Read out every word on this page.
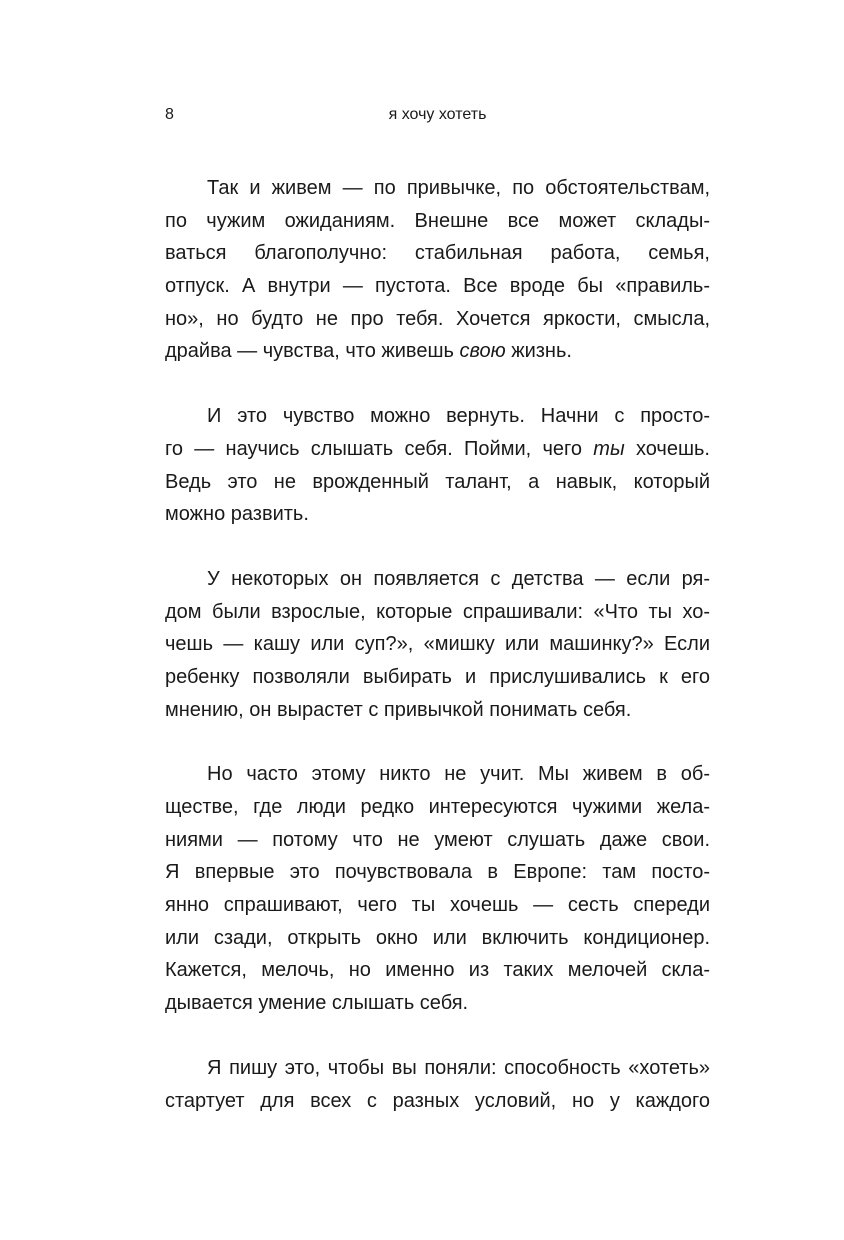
8	я хочу хотеть
Так и живем — по привычке, по обстоятельствам,
по чужим ожиданиям. Внешне все может склады-
ваться благополучно: стабильная работа, семья,
отпуск. А внутри — пустота. Все вроде бы «правиль-
но», но будто не про тебя. Хочется яркости, смысла,
драйва — чувства, что живешь свою жизнь.
И это чувство можно вернуть. Начни с просто-
го — научись слышать себя. Пойми, чего ты хочешь.
Ведь это не врожденный талант, а навык, который
можно развить.
У некоторых он появляется с детства — если ря-
дом были взрослые, которые спрашивали: «Что ты хо-
чешь — кашу или суп?», «мишку или машинку?» Если
ребенку позволяли выбирать и прислушивались к его
мнению, он вырастет с привычкой понимать себя.
Но часто этому никто не учит. Мы живем в об-
ществе, где люди редко интересуются чужими жела-
ниями — потому что не умеют слушать даже свои.
Я впервые это почувствовала в Европе: там посто-
янно спрашивают, чего ты хочешь — сесть спереди
или сзади, открыть окно или включить кондиционер.
Кажется, мелочь, но именно из таких мелочей скла-
дывается умение слышать себя.
Я пишу это, чтобы вы поняли: способность «хотеть»
стартует для всех с разных условий, но у каждого
